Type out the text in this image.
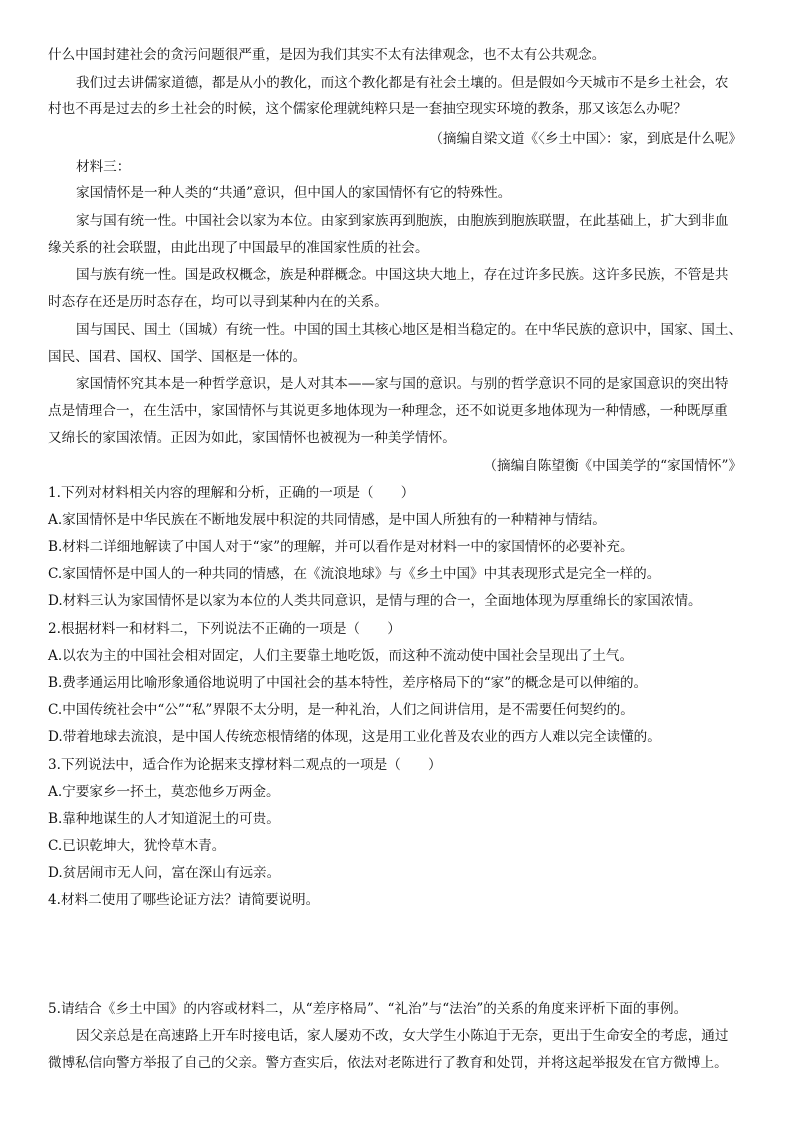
什么中国封建社会的贪污问题很严重，是因为我们其实不太有法律观念，也不太有公共观念。
我们过去讲儒家道德，都是从小的教化，而这个教化都是有社会土壤的。但是假如今天城市不是乡土社会，农
村也不再是过去的乡土社会的时候，这个儒家伦理就纯粹只是一套抽空现实环境的教条，那又该怎么办呢？
（摘编自梁文道《〈乡土中国〉：家，到底是什么呢》
材料三：
家国情怀是一种人类的“共通”意识，但中国人的家国情怀有它的特殊性。
家与国有统一性。中国社会以家为本位。由家到家族再到胞族，由胞族到胞族联盟，在此基础上，扩大到非血
缘关系的社会联盟，由此出现了中国最早的准国家性质的社会。
国与族有统一性。国是政权概念，族是种群概念。中国这块大地上，存在过许多民族。这许多民族，不管是共
时态存在还是历时态存在，均可以寻到某种内在的关系。
国与国民、国土（国城）有统一性。中国的国土其核心地区是相当稳定的。在中华民族的意识中，国家、国土、
国民、国君、国权、国学、国枢是一体的。
家国情怀究其本是一种哲学意识，是人对其本——家与国的意识。与别的哲学意识不同的是家国意识的突出特
点是情理合一，在生活中，家国情怀与其说更多地体现为一种理念，还不如说更多地体现为一种情感，一种既厚重
又绵长的家国浓情。正因为如此，家国情怀也被视为一种美学情怀。
（摘编自陈望衡《中国美学的“家国情怀”》
1.下列对材料相关内容的理解和分析，正确的一项是（　　）
A.家国情怀是中华民族在不断地发展中积淀的共同情感，是中国人所独有的一种精神与情结。
B.材料二详细地解读了中国人对于“家”的理解，并可以看作是对材料一中的家国情怀的必要补充。
C.家国情怀是中国人的一种共同的情感，在《流浪地球》与《乡土中国》中其表现形式是完全一样的。
D.材料三认为家国情怀是以家为本位的人类共同意识，是情与理的合一，全面地体现为厚重绵长的家国浓情。
2.根据材料一和材料二，下列说法不正确的一项是（　　）
A.以农为主的中国社会相对固定，人们主要靠土地吃饭，而这种不流动使中国社会呈现出了土气。
B.费孝通运用比喻形象通俗地说明了中国社会的基本特性，差序格局下的“家”的概念是可以伸缩的。
C.中国传统社会中“公”“私”界限不太分明，是一种礼治，人们之间讲信用，是不需要任何契约的。
D.带着地球去流浪，是中国人传统恋根情绪的体现，这是用工业化普及农业的西方人难以完全读懂的。
3.下列说法中，适合作为论据来支撑材料二观点的一项是（　　）
A.宁要家乡一抔土，莫恋他乡万两金。
B.靠种地谋生的人才知道泥土的可贵。
C.已识乾坤大，犹怜草木青。
D.贫居闹市无人问，富在深山有远亲。
4.材料二使用了哪些论证方法？请简要说明。
5.请结合《乡土中国》的内容或材料二，从“差序格局”、“礼治”与“法治”的关系的角度来评析下面的事例。
因父亲总是在高速路上开车时接电话，家人屡劝不改，女大学生小陈迫于无奈，更出于生命安全的考虑，通过
微博私信向警方举报了自己的父亲。警方查实后，依法对老陈进行了教育和处罚，并将这起举报发在官方微博上。
